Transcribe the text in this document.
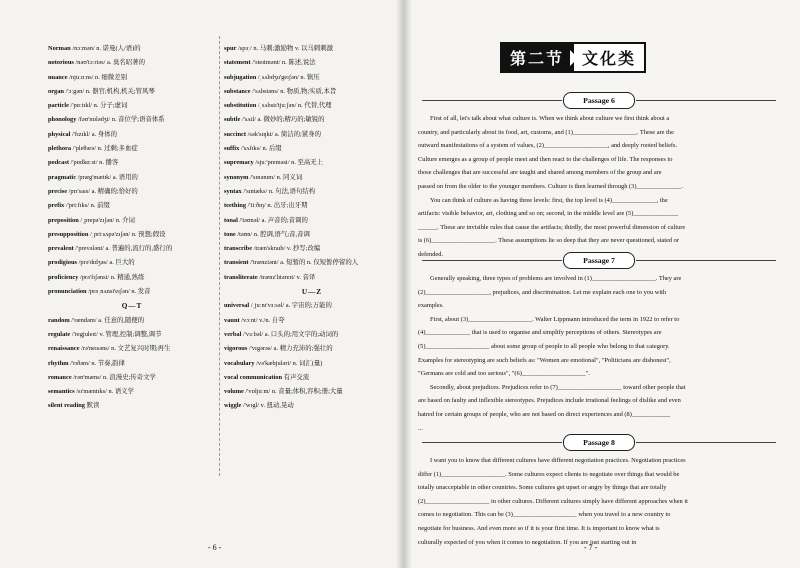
Norman /nɔːmən/ n. 诺曼(人/语)的
notorious /nəʊ'tɔːriəs/ a. 臭名昭著的
nuance /njuːɑːns/ n. 细微差别
organ /'ɔːgən/ n. 器官;机构,机关;管风琴
particle /'pɑːtɪkl/ n. 分子;虚词
phonology /fəʊ'nɒlədʒi/ n. 音位学;语音体系
physical /'fɪzɪkl/ a. 身体的
plethora /'pleθərə/ n. 过剩;多血症
podcast /'pɒdkɑːst/ n. 播客
pragmatic /præg'mætɪk/ a. 语用的
precise /prɪ'saɪs/ a. 精确的;恰好的
prefix /'priːfɪks/ n. 前缀
preposition /ˌprepə'zɪʃən/ n. 介词
presupposition /ˌpriːsʌpə'zɪʃən/ n. 预想;假设
prevalent /'prevələnt/ a. 普遍的,流行的,盛行的
prodigious /prə'dɪdʒəs/ a. 巨大的
proficiency /prə'fɪʃənsi/ n. 精通,熟练
pronunciation /prəˌnʌnsi'eɪʃən/ n. 发音
Q—T
random /'rændəm/ a. 任意的,随便的
regulate /'regjuleɪt/ v. 管理,控制;调整,调节
renaissance /rə'neɪsəns/ n. 文艺复兴时期;再生
rhythm /'rɪðəm/ n. 节奏,韵律
romance /rəʊ'mæns/ n. 浪漫史;传奇文学
semantics /sɪ'mæntɪks/ n. 语义学
silent reading 默读
spur /spɜː/ n. 马刺;激励物 v. 以马刺刺激
statement /'steɪtmənt/ n. 陈述,说法
subjugation /ˌsʌbdʒu'geɪʃən/ n. 镇压
substance /'sʌbstəns/ n. 物质,物;实质,本旨
substitution /ˌsʌbstɪ'tjuːʃən/ n. 代替,代理
subtle /'sʌtl/ a. 微妙的;精巧的;敏锐的
succinct /sək'sɪŋkt/ a. 简洁的;紧身的
suffix /'sʌfɪks/ n. 后缀
supremacy /sjuː'preməsi/ n. 至高无上
synonym /'sɪnənɪm/ n. 同义词
syntax /'sɪntæks/ n. 句法,语句结构
teething /'tiːðɪŋ/ n. 出牙;出牙期
tonal /'təʊnəl/ a. 声音的;音调的
tone /təʊn/ n. 腔调,语气;音,音调
transcribe /træn'skraɪb/ v. 抄写;改编
transient /'trænziənt/ a. 短暂的 n. 仅短暂停留的人
transliterate /trænz'lɪtəreɪt/ v. 音译
U—Z
universal /ˌjuːnɪ'vɜːsəl/ a. 宇宙的;万能的
vaunt /vɔːnt/ v./n. 自夸
verbal /'vɜːbəl/ a. 口头的;用文字的;动词的
vigorous /'vɪgərəs/ a. 精力充沛的;强壮的
vocabulary /və'kæbjuləri/ n. 词汇(量)
vocal communication 有声交流
volume /'vɒljuːm/ n. 音量;体积,容积;册;大量
wiggle /'wɪgl/ v. 扭动,晃动
- 6 -
第二节	文化类
Passage 6
First of all, let's talk about what culture is. When we think about culture we first think about a
country, and particularly about its food, art, customs, and (1)____________________. These are the
outward manifestations of a system of values, (2)____________________, and deeply rooted beliefs.
Culture emerges as a group of people meet and then react to the challenges of life. The responses to
those challenges that are successful are taught and shared among members of the group and are
passed on from the older to the younger members. Culture is then learned through (3)______________.
You can think of culture as having three levels: first, the top level is (4)______________, the
artifacts: visible behavior, art, clothing and so on; second, in the middle level are (5)______________
______. These are invisible rules that cause the artifacts; thirdly, the most powerful dimension of culture
is (6)____________________. These assumptions lie so deep that they are never questioned, stated or
defended.
Passage 7
Generally speaking, three types of problems are involved in (1)____________________. They are
(2)____________________, prejudices, and discrimination. Let me explain each one to you with
examples.
First, about (3)____________________. Walter Lippmann introduced the term in 1922 to refer to
(4)______________ that is used to organise and simplify perceptions of others. Stereotypes are
(5)____________________ about some group of people to all people who belong to that category.
Examples for stereotyping are such beliefs as: "Women are emotional", "Politicians are dishonest",
"Germans are cold and too serious", "(6)____________________".
Secondly, about prejudices. Prejudices refer to (7)____________________ toward other people that
are based on faulty and inflexible stereotypes. Prejudices include irrational feelings of dislike and even
hatred for certain groups of people, who are not based on direct experiences and (8)____________
...
Passage 8
I want you to know that different cultures have different negotiation practices. Negotiation practices
differ (1)____________________. Some cultures expect clients to negotiate over things that would be
totally unacceptable in other countries. Some cultures get upset or angry by things that are totally
(2)____________________ in other cultures. Different cultures simply have different approaches when it
comes to negotiation. This can be (3)____________________ when you travel to a new country to
negotiate for business. And even more so if it is your first time. It is important to know what is
culturally expected of you when it comes to negotiation. If you are just starting out in
- 7 -
